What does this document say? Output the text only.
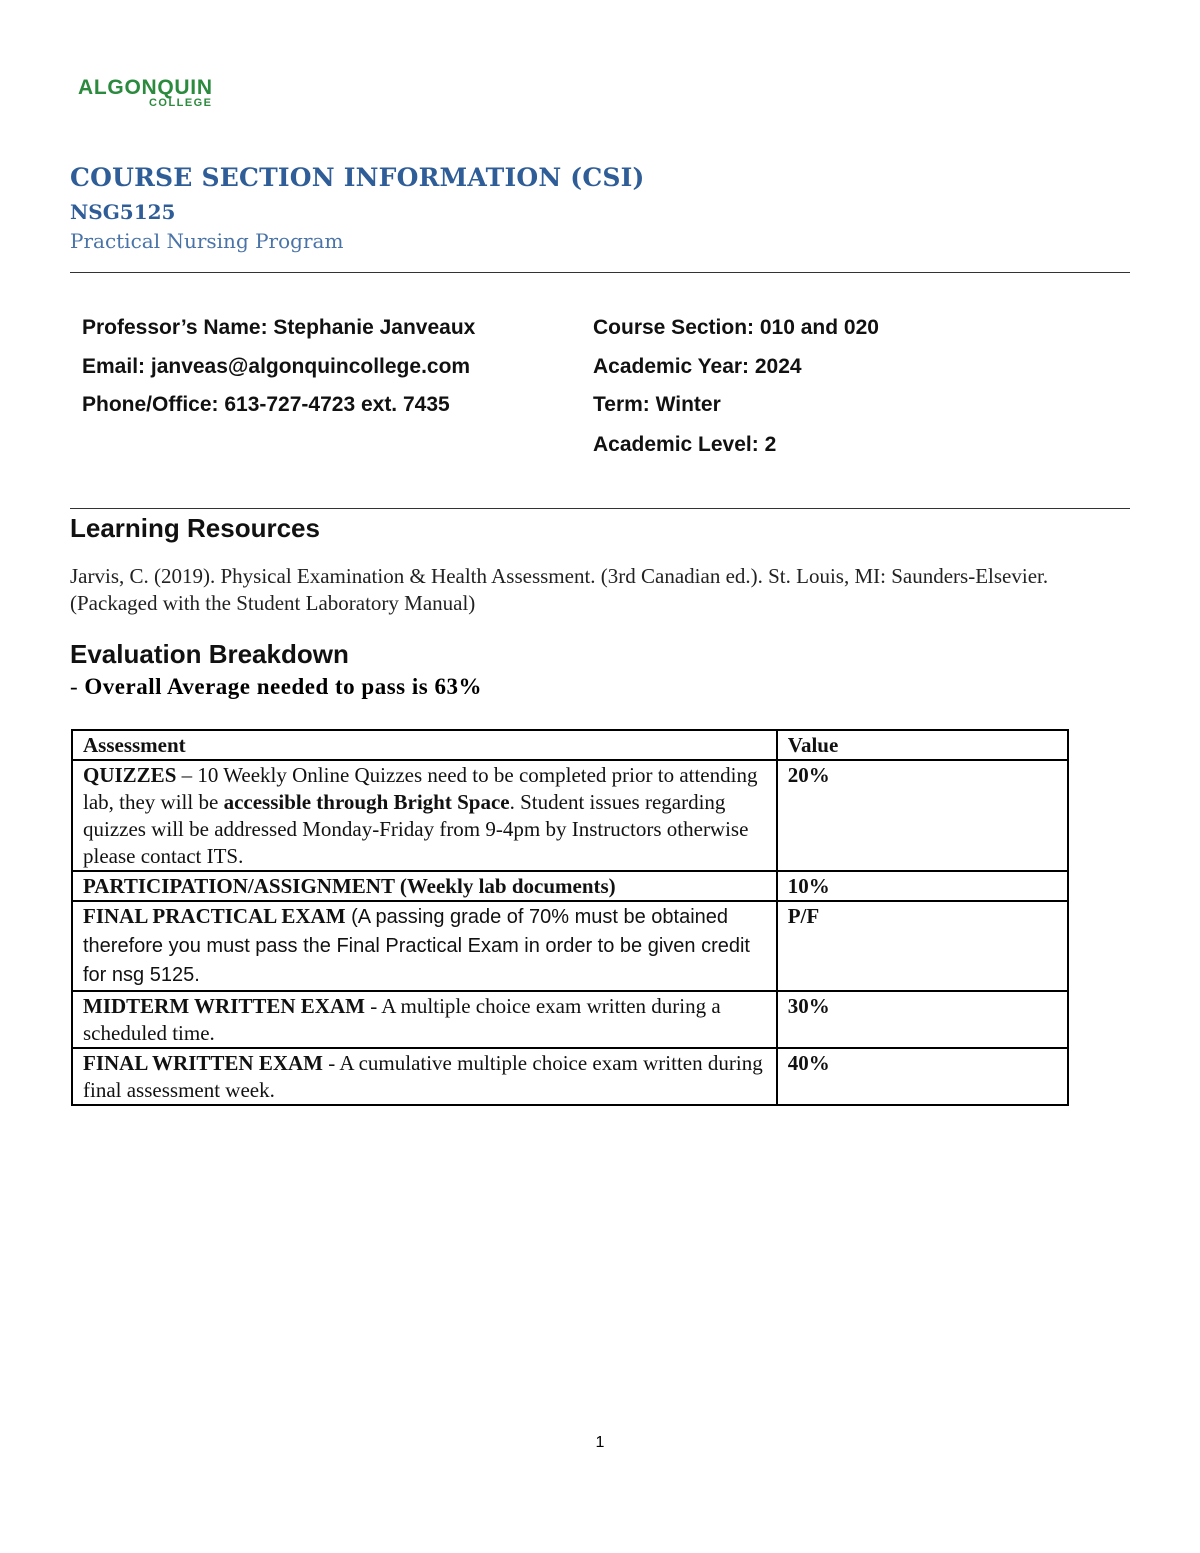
ALGONQUIN
COLLEGE
COURSE SECTION INFORMATION (CSI)
NSG5125
Practical Nursing Program
Professor’s Name: Stephanie Janveaux
Email: janveas@algonquincollege.com
Phone/Office: 613-727-4723 ext. 7435
Course Section: 010 and 020
Academic Year: 2024
Term: Winter
Academic Level: 2
Learning Resources

Jarvis, C. (2019). Physical Examination & Health Assessment. (3rd Canadian ed.). St. Louis, MI: Saunders-Elsevier. (Packaged with the Student Laboratory Manual)

Evaluation Breakdown

- Overall Average needed to pass is 63%

Assessment	Value
QUIZZES – 10 Weekly Online Quizzes need to be completed prior to attending lab, they will be accessible through Bright Space. Student issues regarding quizzes will be addressed Monday-Friday from 9-4pm by Instructors otherwise please contact ITS.	20%
PARTICIPATION/ASSIGNMENT (Weekly lab documents)	10%
FINAL PRACTICAL EXAM (A passing grade of 70% must be obtained therefore you must pass the Final Practical Exam in order to be given credit for nsg 5125.	P/F
MIDTERM WRITTEN EXAM - A multiple choice exam written during a scheduled time.	30%
FINAL WRITTEN EXAM - A cumulative multiple choice exam written during final assessment week.	40%
1
